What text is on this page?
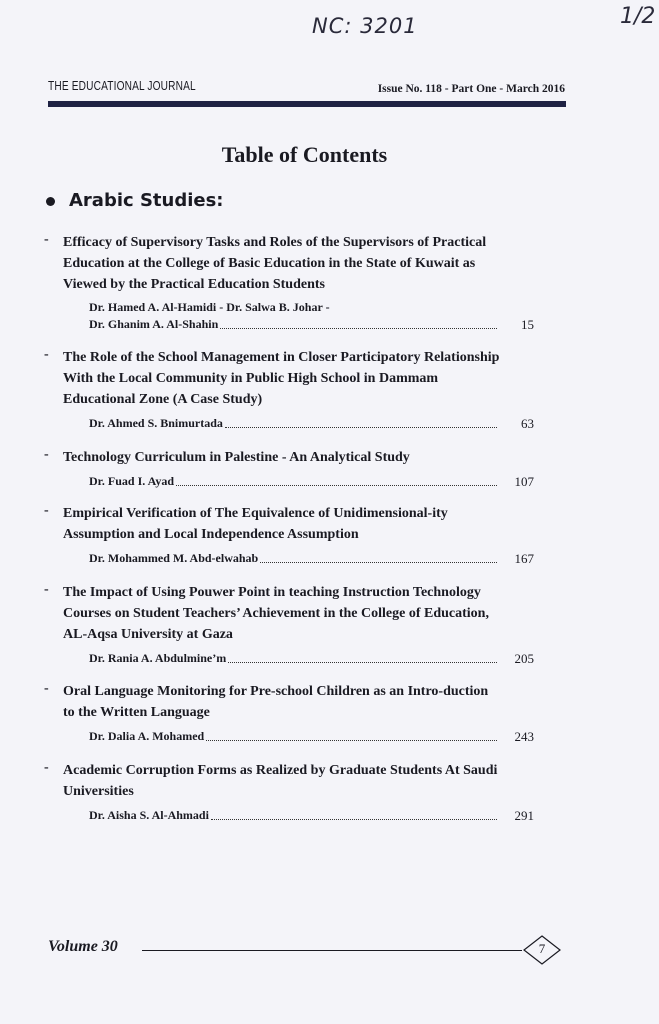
NC: 3201	1/2
THE EDUCATIONAL JOURNAL	Issue No. 118 - Part One - March 2016
Table of Contents
Arabic Studies:
- Efficacy of Supervisory Tasks and Roles of the Supervisors of Practical Education at the College of Basic Education in the State of Kuwait as Viewed by the Practical Education Students
Dr. Hamed A. Al-Hamidi - Dr. Salwa B. Johar -
Dr. Ghanim A. Al-Shahin	15
- The Role of the School Management in Closer Participatory Relationship With the Local Community in Public High School in Dammam Educational Zone (A Case Study)
Dr. Ahmed S. Bnimurtada	63
- Technology Curriculum in Palestine - An Analytical Study
Dr. Fuad I. Ayad	107
- Empirical Verification of The Equivalence of Unidimensional-ity Assumption and Local Independence Assumption
Dr. Mohammed M. Abd-elwahab	167
- The Impact of Using Pouwer Point in teaching Instruction Technology Courses on Student Teachers’ Achievement in the College of Education, AL-Aqsa University at Gaza
Dr. Rania A. Abdulmine’m	205
- Oral Language Monitoring for Pre-school Children as an Intro-duction to the Written Language
Dr. Dalia A. Mohamed	243
- Academic Corruption Forms as Realized by Graduate Students At Saudi Universities
Dr. Aisha S. Al-Ahmadi	291
Volume 30	7
